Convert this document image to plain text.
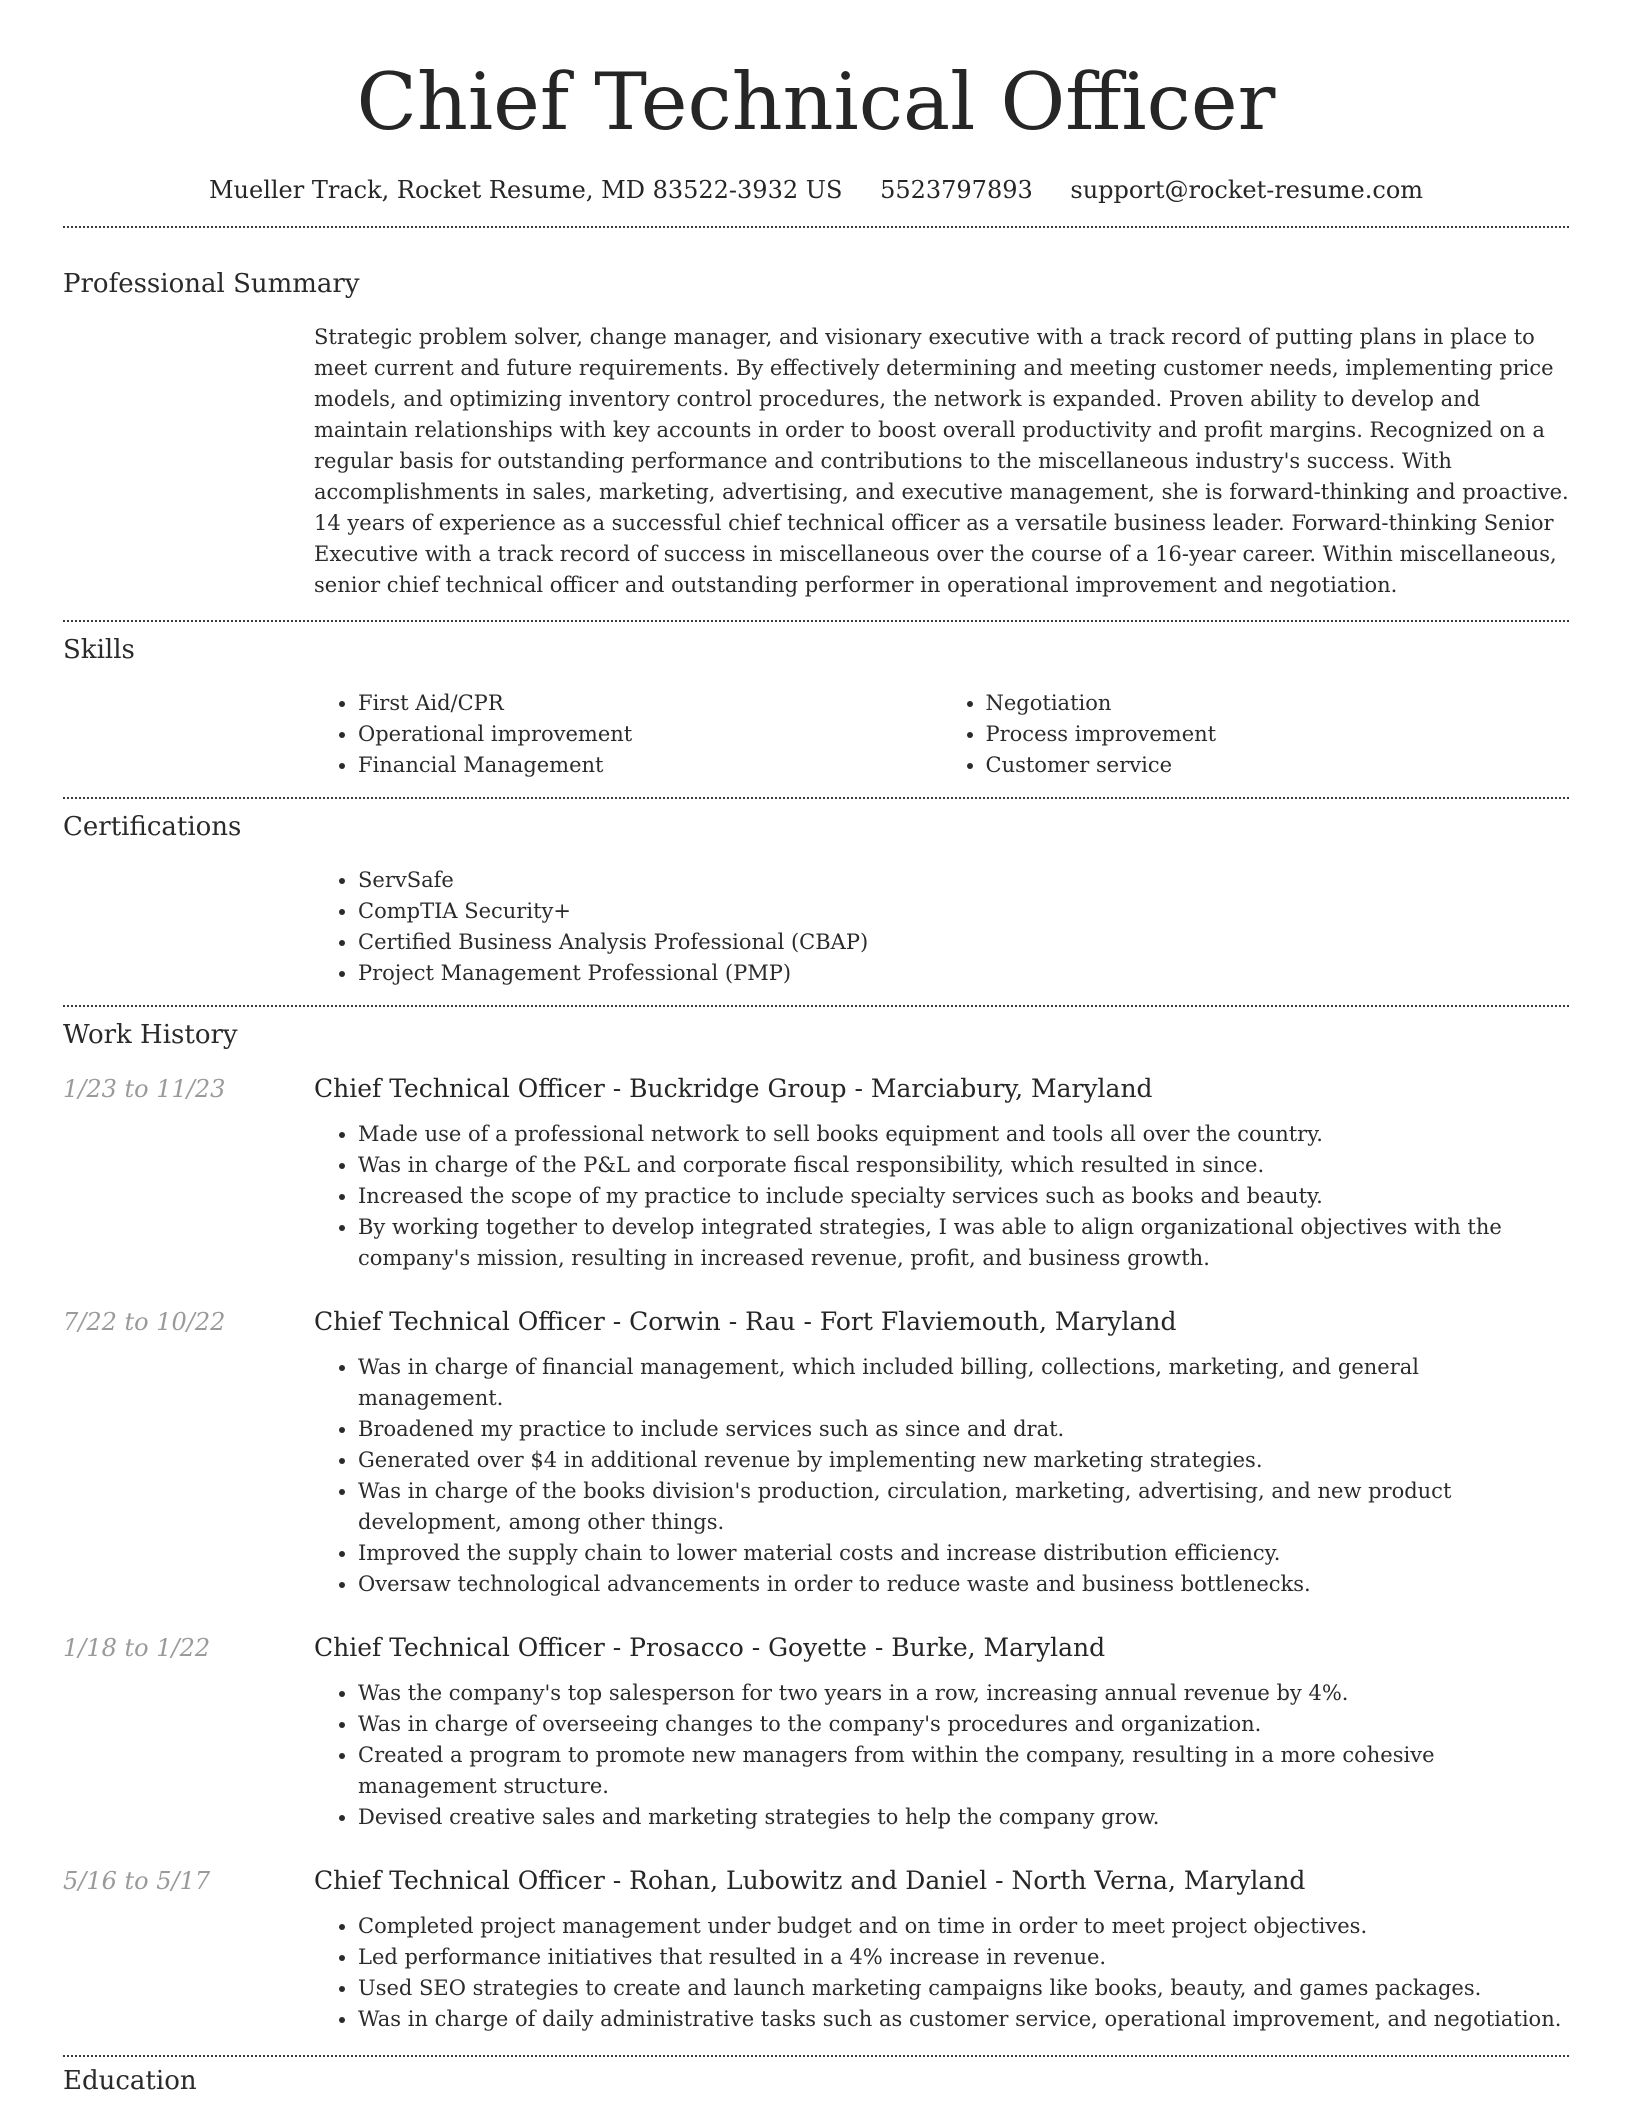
Chief Technical Officer
Mueller Track, Rocket Resume, MD 83522-3932 US 5523797893 support@rocket-resume.com
Professional Summary

Strategic problem solver, change manager, and visionary executive with a track record of putting plans in place to meet current and future requirements. By effectively determining and meeting customer needs, implementing price models, and optimizing inventory control procedures, the network is expanded. Proven ability to develop and maintain relationships with key accounts in order to boost overall productivity and profit margins. Recognized on a regular basis for outstanding performance and contributions to the miscellaneous industry's success. With accomplishments in sales, marketing, advertising, and executive management, she is forward-thinking and proactive. 14 years of experience as a successful chief technical officer as a versatile business leader. Forward-thinking Senior Executive with a track record of success in miscellaneous over the course of a 16-year career. Within miscellaneous, senior chief technical officer and outstanding performer in operational improvement and negotiation.

Skills
• First Aid/CPR
• Operational improvement
• Financial Management
• Negotiation
• Process improvement
• Customer service
Certifications
• ServSafe
• CompTIA Security+
• Certified Business Analysis Professional (CBAP)
• Project Management Professional (PMP)
Work History
1/23 to 11/23	Chief Technical Officer - Buckridge Group - Marciabury, Maryland
• Made use of a professional network to sell books equipment and tools all over the country.
• Was in charge of the P&L and corporate fiscal responsibility, which resulted in since.
• Increased the scope of my practice to include specialty services such as books and beauty.
• By working together to develop integrated strategies, I was able to align organizational objectives with the company's mission, resulting in increased revenue, profit, and business growth.
7/22 to 10/22	Chief Technical Officer - Corwin - Rau - Fort Flaviemouth, Maryland
• Was in charge of financial management, which included billing, collections, marketing, and general management.
• Broadened my practice to include services such as since and drat.
• Generated over $4 in additional revenue by implementing new marketing strategies.
• Was in charge of the books division's production, circulation, marketing, advertising, and new product development, among other things.
• Improved the supply chain to lower material costs and increase distribution efficiency.
• Oversaw technological advancements in order to reduce waste and business bottlenecks.
1/18 to 1/22	Chief Technical Officer - Prosacco - Goyette - Burke, Maryland
• Was the company's top salesperson for two years in a row, increasing annual revenue by 4%.
• Was in charge of overseeing changes to the company's procedures and organization.
• Created a program to promote new managers from within the company, resulting in a more cohesive management structure.
• Devised creative sales and marketing strategies to help the company grow.
5/16 to 5/17	Chief Technical Officer - Rohan, Lubowitz and Daniel - North Verna, Maryland
• Completed project management under budget and on time in order to meet project objectives.
• Led performance initiatives that resulted in a 4% increase in revenue.
• Used SEO strategies to create and launch marketing campaigns like books, beauty, and games packages.
• Was in charge of daily administrative tasks such as customer service, operational improvement, and negotiation.
Education
